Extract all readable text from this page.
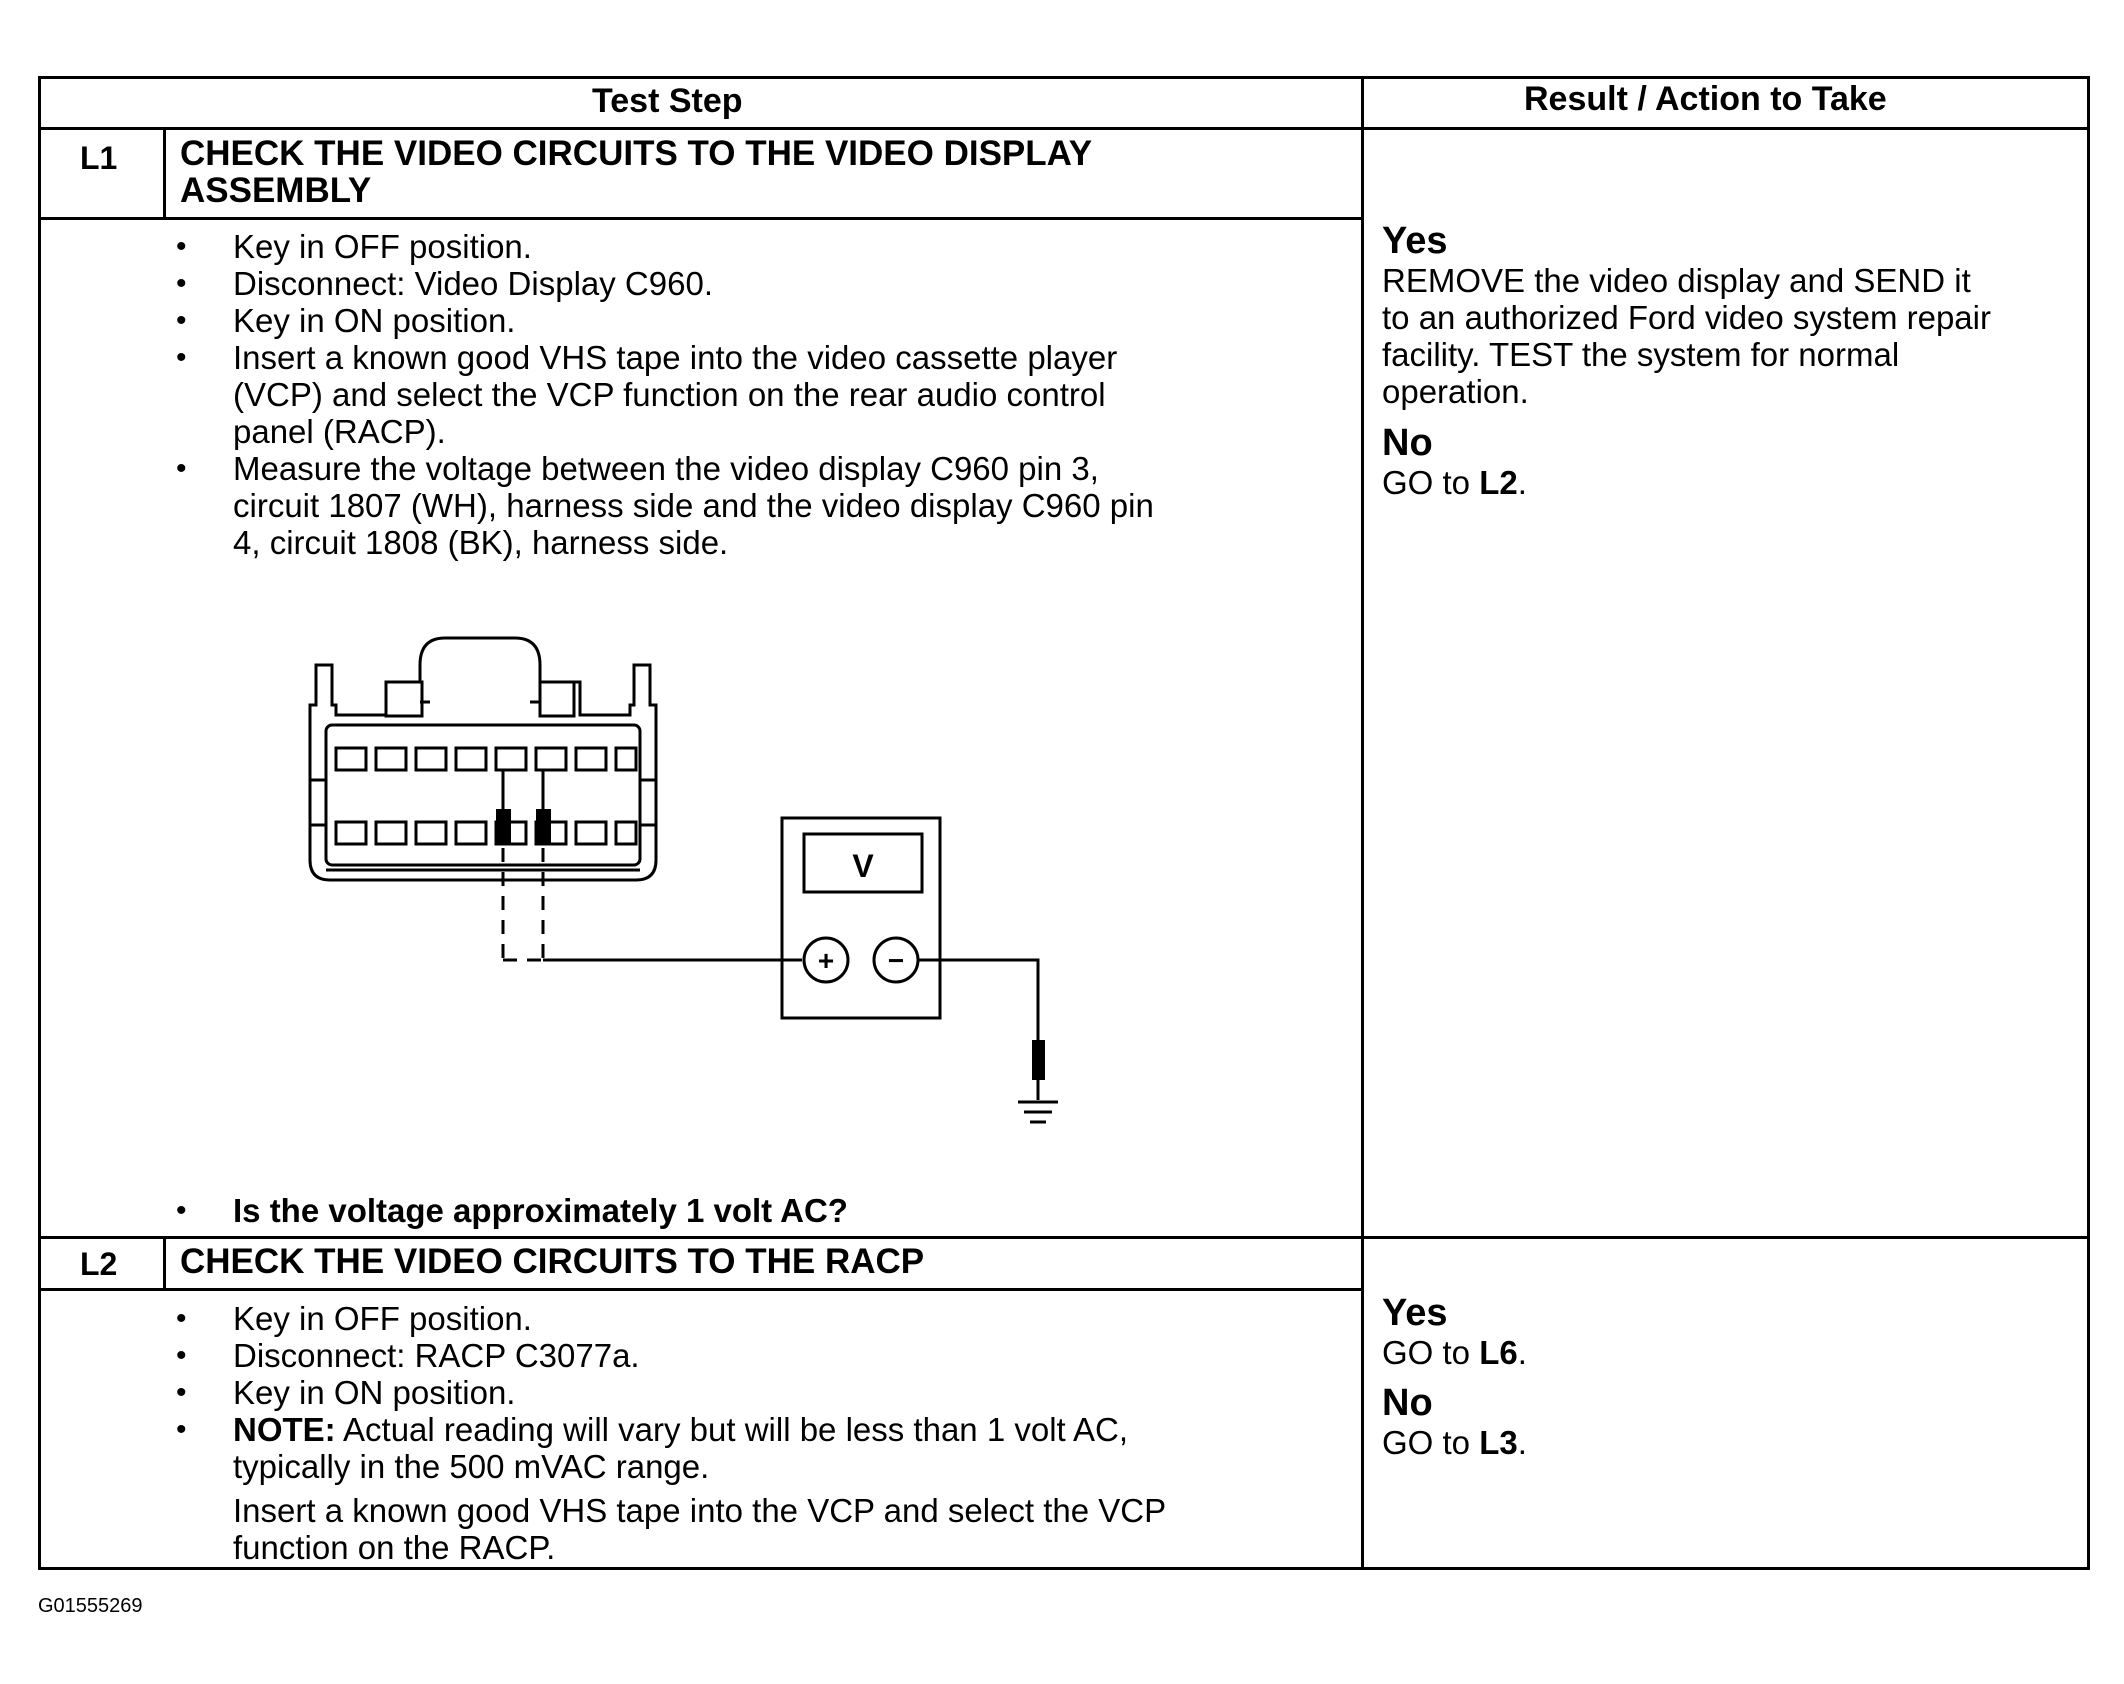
Test Step	Result / Action to Take
L1 CHECK THE VIDEO CIRCUITS TO THE VIDEO DISPLAY
ASSEMBLY
• Key in OFF position.
• Disconnect: Video Display C960.
• Key in ON position.
• Insert a known good VHS tape into the video cassette player
(VCP) and select the VCP function on the rear audio control
panel (RACP).
• Measure the voltage between the video display C960 pin 3,
circuit 1807 (WH), harness side and the video display C960 pin
4, circuit 1808 (BK), harness side.
V
+ −
• Is the voltage approximately 1 volt AC?
Yes
REMOVE the video display and SEND it
to an authorized Ford video system repair
facility. TEST the system for normal
operation.
No
GO to L2.
L2 CHECK THE VIDEO CIRCUITS TO THE RACP
• Key in OFF position.
• Disconnect: RACP C3077a.
• Key in ON position.
• NOTE: Actual reading will vary but will be less than 1 volt AC,
typically in the 500 mVAC range.
Insert a known good VHS tape into the VCP and select the VCP
function on the RACP.
Yes
GO to L6.
No
GO to L3.
G01555269
